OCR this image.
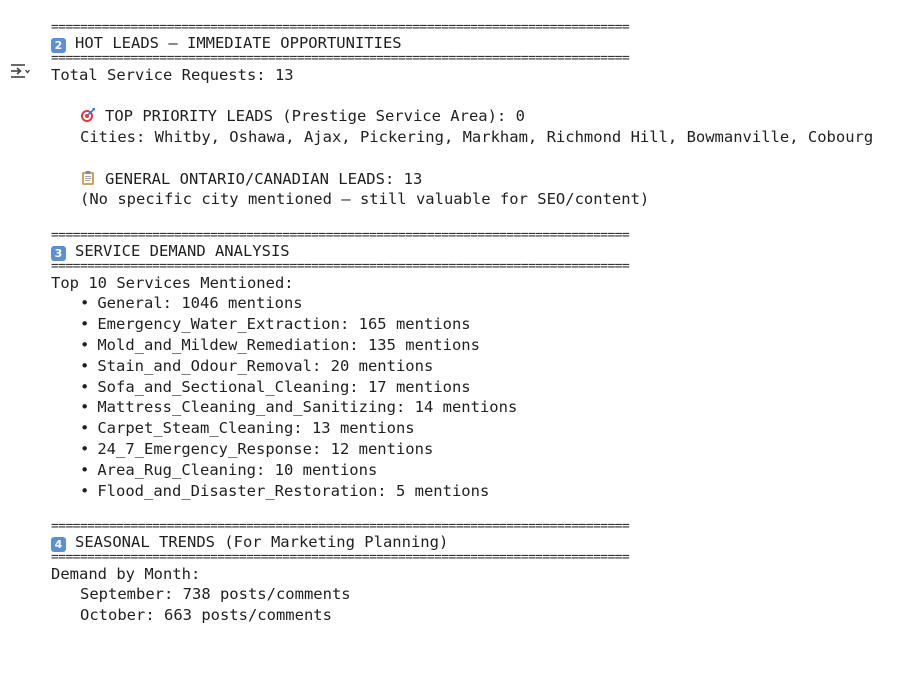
================================================================================
2 HOT LEADS – IMMEDIATE OPPORTUNITIES
================================================================================
Total Service Requests: 13
TOP PRIORITY LEADS (Prestige Service Area): 0
Cities: Whitby, Oshawa, Ajax, Pickering, Markham, Richmond Hill, Bowmanville, Cobourg
GENERAL ONTARIO/CANADIAN LEADS: 13
(No specific city mentioned – still valuable for SEO/content)
================================================================================
3 SERVICE DEMAND ANALYSIS
================================================================================
Top 10 Services Mentioned:
• General: 1046 mentions
• Emergency_Water_Extraction: 165 mentions
• Mold_and_Mildew_Remediation: 135 mentions
• Stain_and_Odour_Removal: 20 mentions
• Sofa_and_Sectional_Cleaning: 17 mentions
• Mattress_Cleaning_and_Sanitizing: 14 mentions
• Carpet_Steam_Cleaning: 13 mentions
• 24_7_Emergency_Response: 12 mentions
• Area_Rug_Cleaning: 10 mentions
• Flood_and_Disaster_Restoration: 5 mentions
================================================================================
4 SEASONAL TRENDS (For Marketing Planning)
================================================================================
Demand by Month:
September: 738 posts/comments
October: 663 posts/comments
